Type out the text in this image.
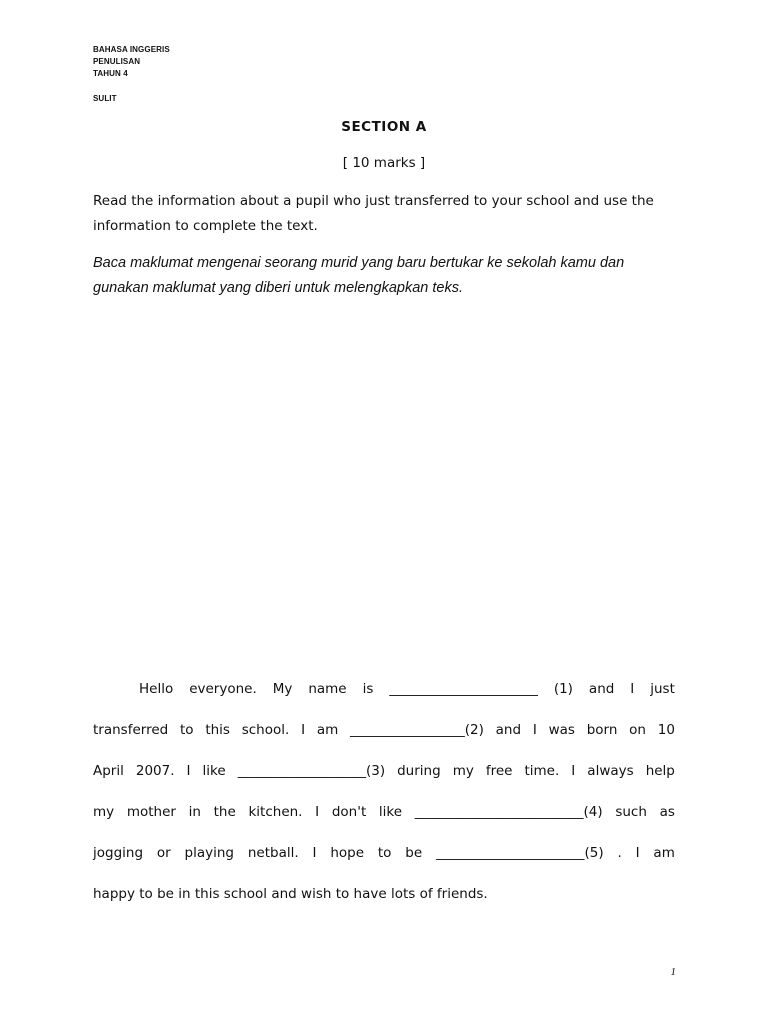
BAHASA INGGERIS
PENULISAN
TAHUN 4
SULIT
SECTION A
[ 10 marks ]
Read the information about a pupil who just transferred to your school and use the information to complete the text.
Baca maklumat mengenai seorang murid yang baru bertukar ke sekolah kamu dan gunakan maklumat yang diberi untuk melengkapkan teks.
Hello everyone. My name is ______________________ (1) and I just
transferred to this school. I am _________________(2) and I was born on 10
April 2007. I like ___________________(3) during my free time. I always help
my mother in the kitchen. I don't like _________________________(4) such as
jogging or playing netball. I hope to be ______________________(5) . I am
happy to be in this school and wish to have lots of friends.
1
